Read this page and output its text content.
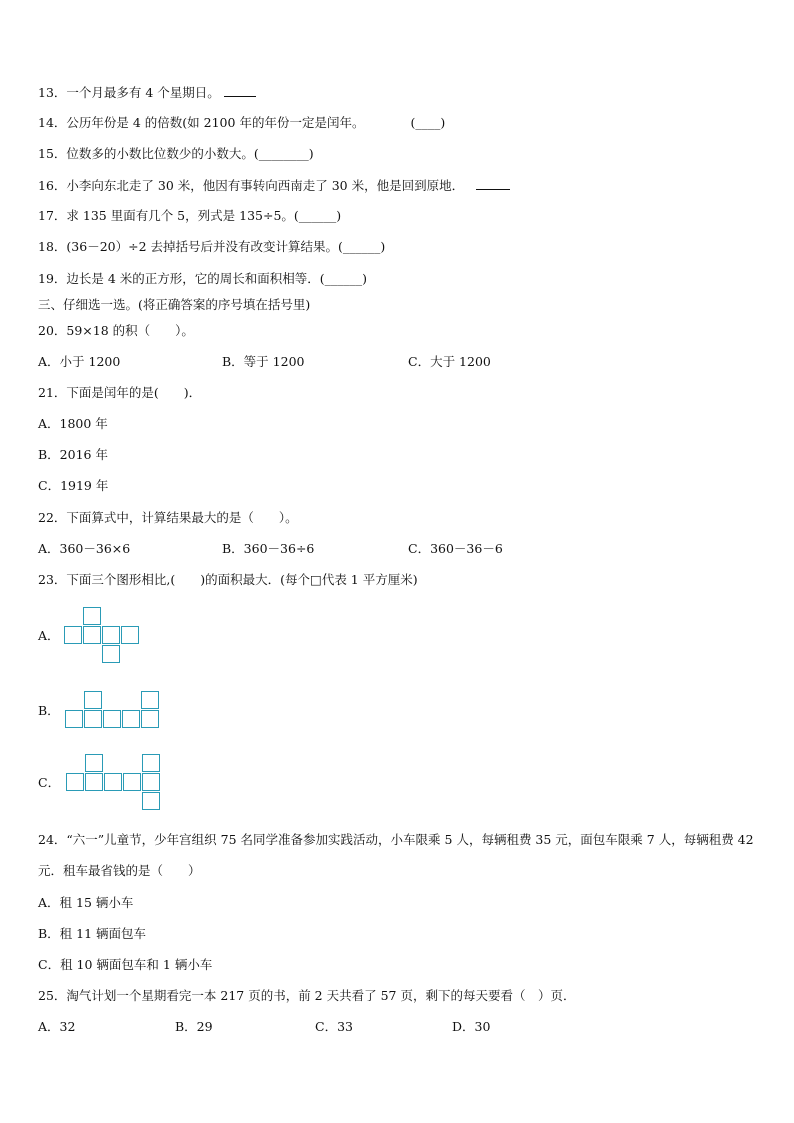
13．一个月最多有 4 个星期日。
14．公历年份是 4 的倍数(如 2100 年的年份一定是闰年。	(____)
15．位数多的小数比位数少的小数大。(________)
16．小李向东北走了 30 米，他因有事转向西南走了 30 米，他是回到原地．
17．求 135 里面有几个 5，列式是 135÷5。(______)
18．(36－20）÷2 去掉括号后并没有改变计算结果。(______)
19．边长是 4 米的正方形，它的周长和面积相等．(______)
三、仔细选一选。(将正确答案的序号填在括号里)
20．59×18 的积（　　）。
A．小于 1200	B．等于 1200	C．大于 1200
21．下面是闰年的是(　　)．
A．1800 年
B．2016 年
C．1919 年
22．下面算式中，计算结果最大的是（　　）。
A．360－36×6	B．360－36÷6	C．360－36－6
23．下面三个图形相比,(　　)的面积最大．(每个□代表 1 平方厘米)
A．
B．
C．
24．“六一”儿童节，少年宫组织 75 名同学准备参加实践活动，小车限乘 5 人，每辆租费 35 元，面包车限乘 7 人，每辆租费 42 元．租车最省钱的是（　　）
A．租 15 辆小车
B．租 11 辆面包车
C．租 10 辆面包车和 1 辆小车
25．淘气计划一个星期看完一本 217 页的书，前 2 天共看了 57 页，剩下的每天要看（　）页．
A．32	B．29	C．33	D．30
